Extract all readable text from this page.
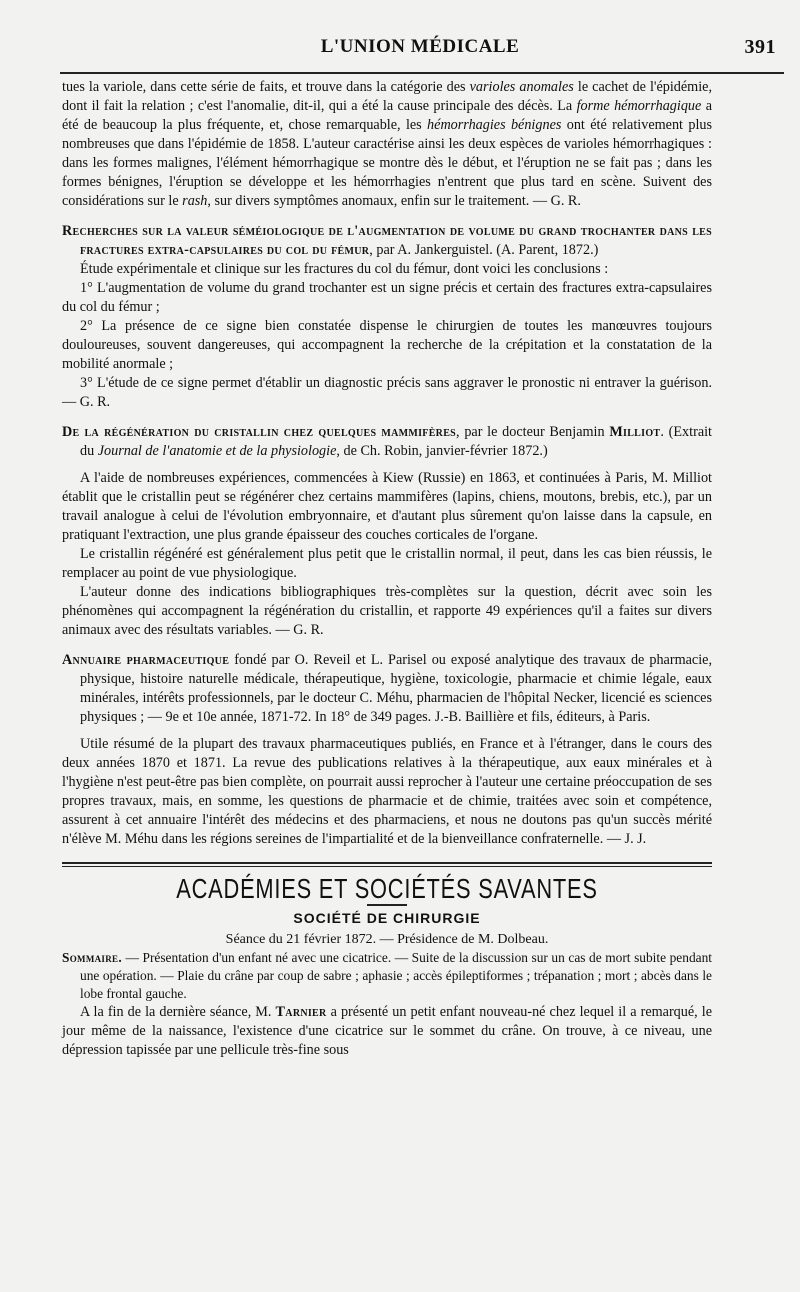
L'UNION MÉDICALE	391

tues la variole, dans cette série de faits, et trouve dans la catégorie des varioles anomales le cachet de l'épidémie, dont il fait la relation ; c'est l'anomalie, dit-il, qui a été la cause principale des décès. La forme hémorrhagique a été de beaucoup la plus fréquente, et, chose remarquable, les hémorrhagies bénignes ont été relativement plus nombreuses que dans l'épidémie de 1858. L'auteur caractérise ainsi les deux espèces de varioles hémorrhagiques : dans les formes malignes, l'élément hémorrhagique se montre dès le début, et l'éruption ne se fait pas ; dans les formes bénignes, l'éruption se développe et les hémorrhagies n'entrent que plus tard en scène. Suivent des considérations sur le rash, sur divers symptômes anomaux, enfin sur le traitement. — G. R.

Recherches sur la valeur séméiologique de l'augmentation de volume du grand trochanter dans les fractures extra-capsulaires du col du fémur, par A. Jankerguistel. (A. Parent, 1872.)

Étude expérimentale et clinique sur les fractures du col du fémur, dont voici les conclusions :

1° L'augmentation de volume du grand trochanter est un signe précis et certain des fractures extra-capsulaires du col du fémur ;

2° La présence de ce signe bien constatée dispense le chirurgien de toutes les manœuvres toujours douloureuses, souvent dangereuses, qui accompagnent la recherche de la crépitation et la constatation de la mobilité anormale ;

3° L'étude de ce signe permet d'établir un diagnostic précis sans aggraver le pronostic ni entraver la guérison. — G. R.

De la régénération du cristallin chez quelques mammifères, par le docteur Benjamin Milliot. (Extrait du Journal de l'anatomie et de la physiologie, de Ch. Robin, janvier-février 1872.)

A l'aide de nombreuses expériences, commencées à Kiew (Russie) en 1863, et continuées à Paris, M. Milliot établit que le cristallin peut se régénérer chez certains mammifères (lapins, chiens, moutons, brebis, etc.), par un travail analogue à celui de l'évolution embryonnaire, et d'autant plus sûrement qu'on laisse dans la capsule, en pratiquant l'extraction, une plus grande épaisseur des couches corticales de l'organe.

Le cristallin régénéré est généralement plus petit que le cristallin normal, il peut, dans les cas bien réussis, le remplacer au point de vue physiologique.

L'auteur donne des indications bibliographiques très-complètes sur la question, décrit avec soin les phénomènes qui accompagnent la régénération du cristallin, et rapporte 49 expériences qu'il a faites sur divers animaux avec des résultats variables. — G. R.

Annuaire pharmaceutique fondé par O. Reveil et L. Parisel ou exposé analytique des travaux de pharmacie, physique, histoire naturelle médicale, thérapeutique, hygiène, toxicologie, pharmacie et chimie légale, eaux minérales, intérêts professionnels, par le docteur C. Méhu, pharmacien de l'hôpital Necker, licencié es sciences physiques ; — 9e et 10e année, 1871-72. In 18° de 349 pages. J.-B. Baillière et fils, éditeurs, à Paris.

Utile résumé de la plupart des travaux pharmaceutiques publiés, en France et à l'étranger, dans le cours des deux années 1870 et 1871. La revue des publications relatives à la thérapeutique, aux eaux minérales et à l'hygiène n'est peut-être pas bien complète, on pourrait aussi reprocher à l'auteur une certaine préoccupation de ses propres travaux, mais, en somme, les questions de pharmacie et de chimie, traitées avec soin et compétence, assurent à cet annuaire l'intérêt des médecins et des pharmaciens, et nous ne doutons pas qu'un succès mérité n'élève M. Méhu dans les régions sereines de l'impartialité et de la bienveillance confraternelle. — J. J.

ACADÉMIES ET SOCIÉTÉS SAVANTES
SOCIÉTÉ DE CHIRURGIE
Séance du 21 février 1872. — Présidence de M. Dolbeau.

Sommaire. — Présentation d'un enfant né avec une cicatrice. — Suite de la discussion sur un cas de mort subite pendant une opération. — Plaie du crâne par coup de sabre ; aphasie ; accès épileptiformes ; trépanation ; mort ; abcès dans le lobe frontal gauche.

A la fin de la dernière séance, M. Tarnier a présenté un petit enfant nouveau-né chez lequel il a remarqué, le jour même de la naissance, l'existence d'une cicatrice sur le sommet du crâne. On trouve, à ce niveau, une dépression tapissée par une pellicule très-fine sous
